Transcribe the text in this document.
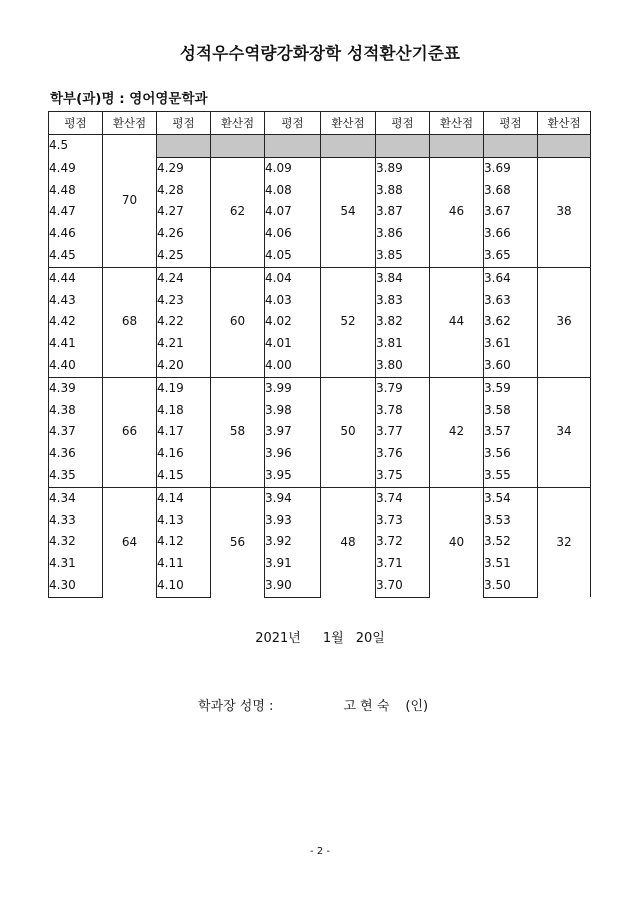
성적우수역량강화장학 성적환산기준표
학부(과)명 : 영어영문학과
평점	환산점	평점	환산점	평점	환산점	평점	환산점	평점	환산점
4.5	70								
4.49		4.29	62	4.09	54	3.89	46	3.69	38
4.48		4.28		4.08		3.88		3.68	
4.47		4.27		4.07		3.87		3.67	
4.46		4.26		4.06		3.86		3.66	
4.45		4.25		4.05		3.85		3.65	
4.44	68	4.24	60	4.04	52	3.84	44	3.64	36
4.43		4.23		4.03		3.83		3.63	
4.42		4.22		4.02		3.82		3.62	
4.41		4.21		4.01		3.81		3.61	
4.40		4.20		4.00		3.80		3.60	
4.39	66	4.19	58	3.99	50	3.79	42	3.59	34
4.38		4.18		3.98		3.78		3.58	
4.37		4.17		3.97		3.77		3.57	
4.36		4.16		3.96		3.76		3.56	
4.35		4.15		3.95		3.75		3.55	
4.34	64	4.14	56	3.94	48	3.74	40	3.54	32
4.33		4.13		3.93		3.73		3.53	
4.32		4.12		3.92		3.72		3.52	
4.31		4.11		3.91		3.71		3.51	
4.30		4.10		3.90		3.70		3.50	
2021년 1월 20일
학과장 성명 :	고 현 숙 (인)
- 2 -
